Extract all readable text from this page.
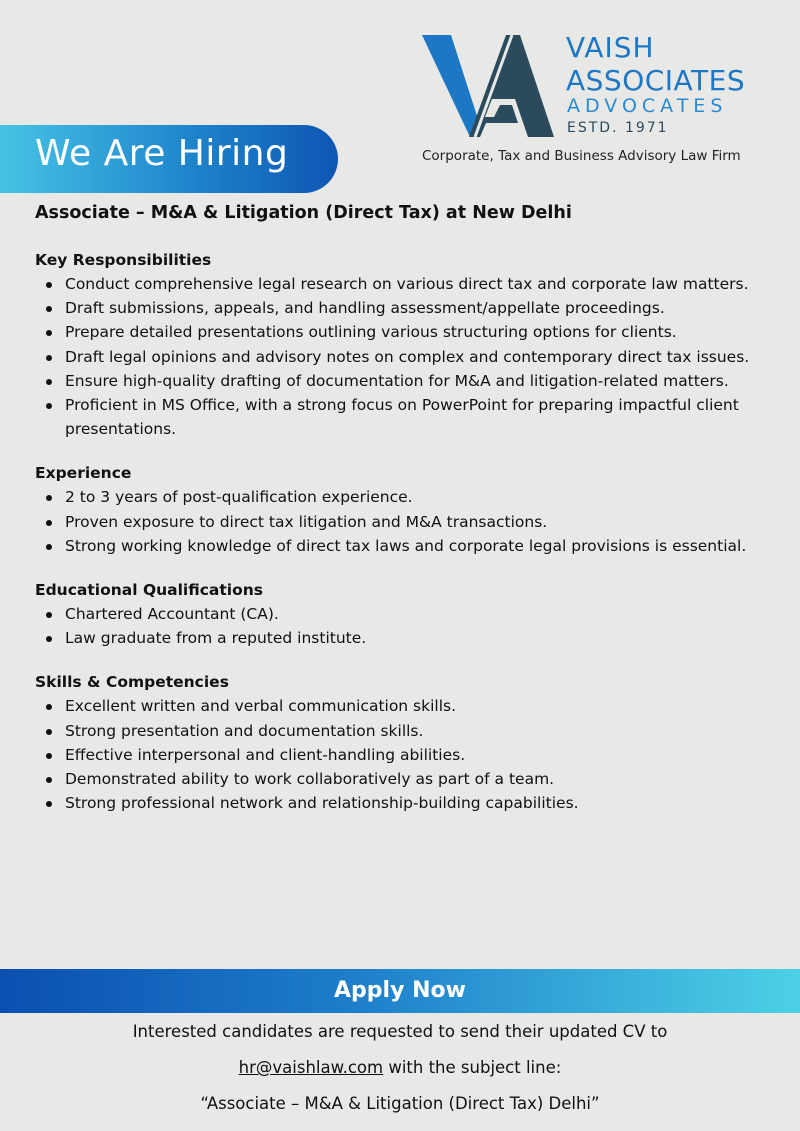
VAISH
ASSOCIATES
ADVOCATES
ESTD. 1971
Corporate, Tax and Business Advisory Law Firm
We Are Hiring
Associate – M&A & Litigation (Direct Tax) at New Delhi
Key Responsibilities
Conduct comprehensive legal research on various direct tax and corporate law matters.
Draft submissions, appeals, and handling assessment/appellate proceedings.
Prepare detailed presentations outlining various structuring options for clients.
Draft legal opinions and advisory notes on complex and contemporary direct tax issues.
Ensure high-quality drafting of documentation for M&A and litigation-related matters.
Proficient in MS Office, with a strong focus on PowerPoint for preparing impactful client presentations.
Experience
2 to 3 years of post-qualification experience.
Proven exposure to direct tax litigation and M&A transactions.
Strong working knowledge of direct tax laws and corporate legal provisions is essential.
Educational Qualifications
Chartered Accountant (CA).
Law graduate from a reputed institute.
Skills & Competencies
Excellent written and verbal communication skills.
Strong presentation and documentation skills.
Effective interpersonal and client-handling abilities.
Demonstrated ability to work collaboratively as part of a team.
Strong professional network and relationship-building capabilities.
Apply Now
Interested candidates are requested to send their updated CV to
hr@vaishlaw.com with the subject line:
“Associate – M&A & Litigation (Direct Tax) Delhi”
